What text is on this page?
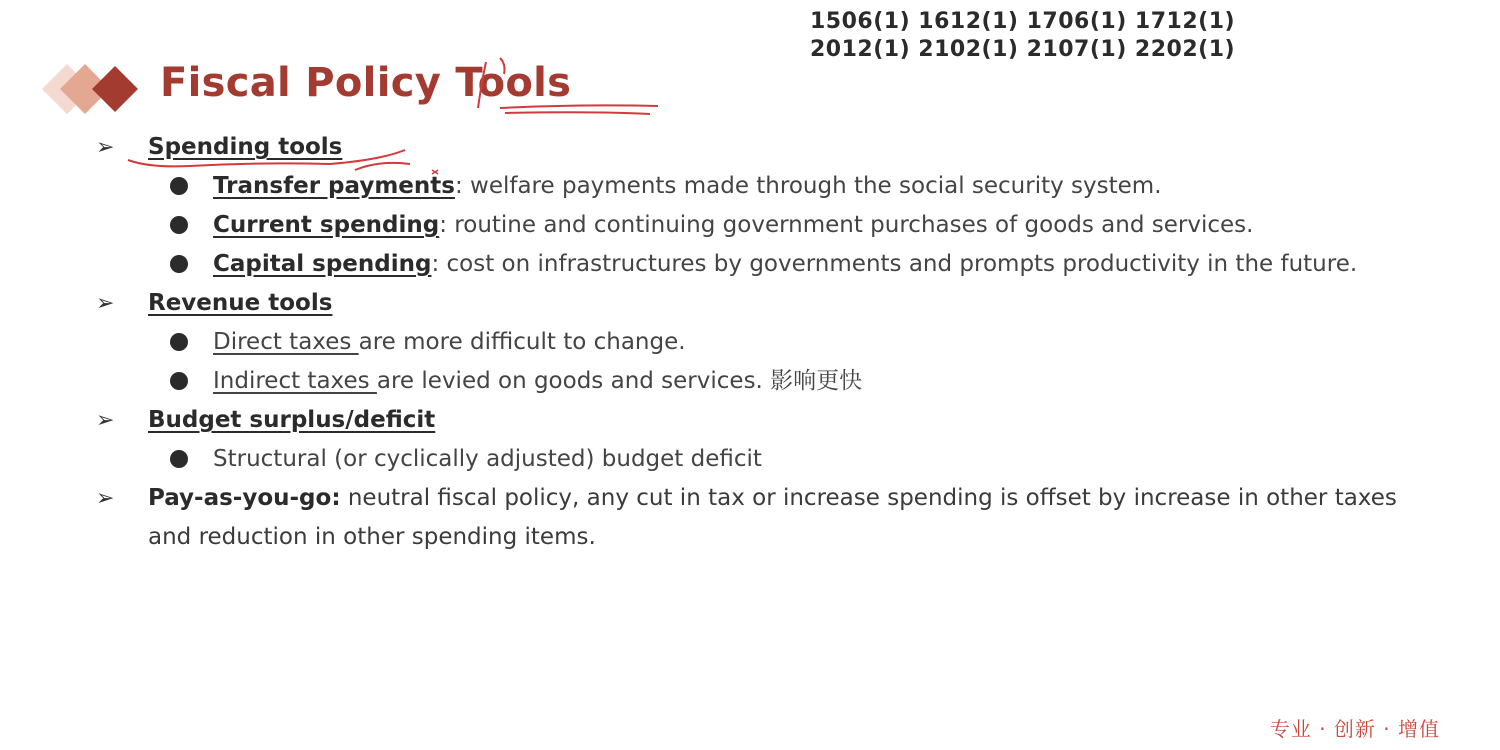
1506(1) 1612(1) 1706(1) 1712(1)
2012(1) 2102(1) 2107(1) 2202(1)
Fiscal Policy Tools
➢ Spending tools
Transfer payments: welfare payments made through the social security system.
Current spending: routine and continuing government purchases of goods and services.
Capital spending: cost on infrastructures by governments and prompts productivity in the future.
➢ Revenue tools
Direct taxes are more difficult to change.
Indirect taxes are levied on goods and services. 影响更快
➢ Budget surplus/deficit
Structural (or cyclically adjusted) budget deficit
➢ Pay-as-you-go: neutral fiscal policy, any cut in tax or increase spending is offset by increase in other taxes and reduction in other spending items.
专业 · 创新 · 增值
